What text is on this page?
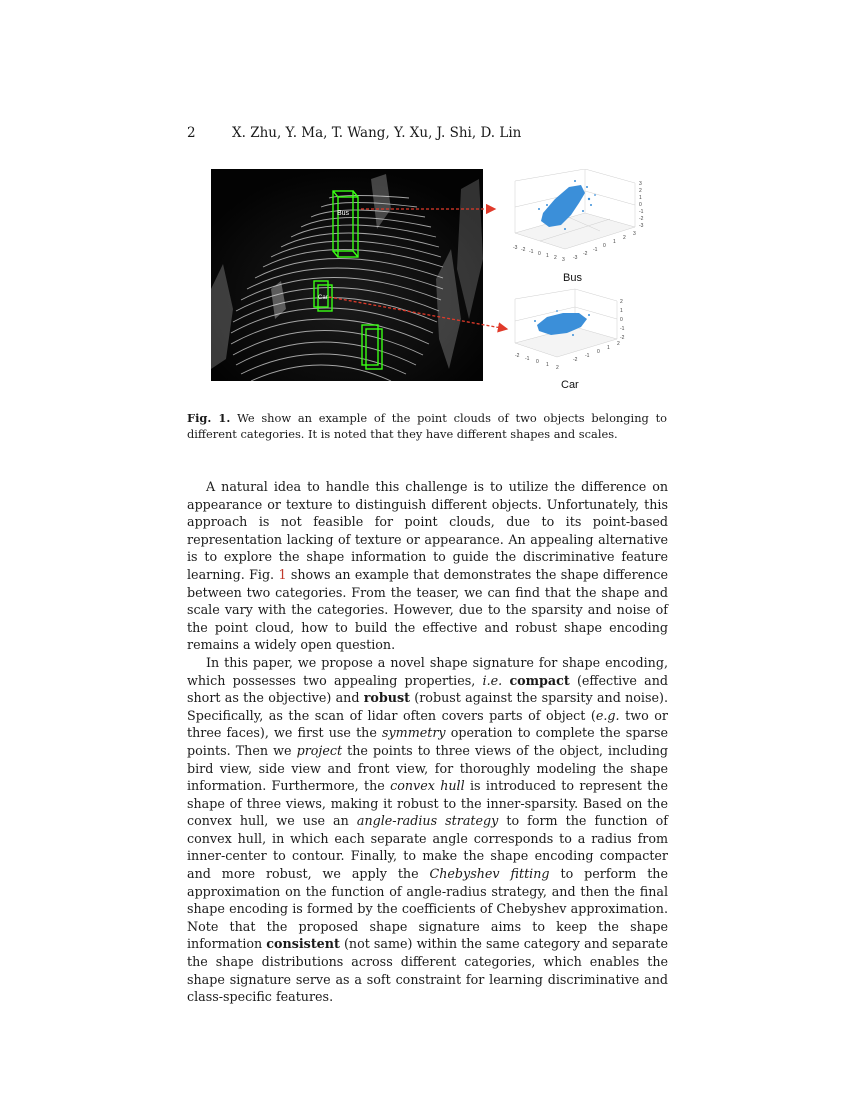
2	X. Zhu, Y. Ma, T. Wang, Y. Xu, J. Shi, D. Lin
Bus
Car
-3 -2 -1 0 1 2 3 -3
-2
-1
0
1
2
3
3
2
1
0
-1
-2
-3
-2 -1 0 1 2
-2
-1
0
1
2
2
1
0
-1
-2
Bus
Car
Fig. 1. We show an example of the point clouds of two objects belonging to different categories. It is noted that they have different shapes and scales.

A natural idea to handle this challenge is to utilize the difference on appearance or texture to distinguish different objects. Unfortunately, this approach is not feasible for point clouds, due to its point-based representation lacking of texture or appearance. An appealing alternative is to explore the shape information to guide the discriminative feature learning. Fig. 1 shows an example that demonstrates the shape difference between two categories. From the teaser, we can find that the shape and scale vary with the categories. However, due to the sparsity and noise of the point cloud, how to build the effective and robust shape encoding remains a widely open question.

In this paper, we propose a novel shape signature for shape encoding, which possesses two appealing properties, i.e. compact (effective and short as the objective) and robust (robust against the sparsity and noise). Specifically, as the scan of lidar often covers parts of object (e.g. two or three faces), we first use the symmetry operation to complete the sparse points. Then we project the points to three views of the object, including bird view, side view and front view, for thoroughly modeling the shape information. Furthermore, the convex hull is introduced to represent the shape of three views, making it robust to the inner-sparsity. Based on the convex hull, we use an angle-radius strategy to form the function of convex hull, in which each separate angle corresponds to a radius from inner-center to contour. Finally, to make the shape encoding compacter and more robust, we apply the Chebyshev fitting to perform the approximation on the function of angle-radius strategy, and then the final shape encoding is formed by the coefficients of Chebyshev approximation. Note that the proposed shape signature aims to keep the shape information consistent (not same) within the same category and separate the shape distributions across different categories, which enables the shape signature serve as a soft constraint for learning discriminative and class-specific features.
